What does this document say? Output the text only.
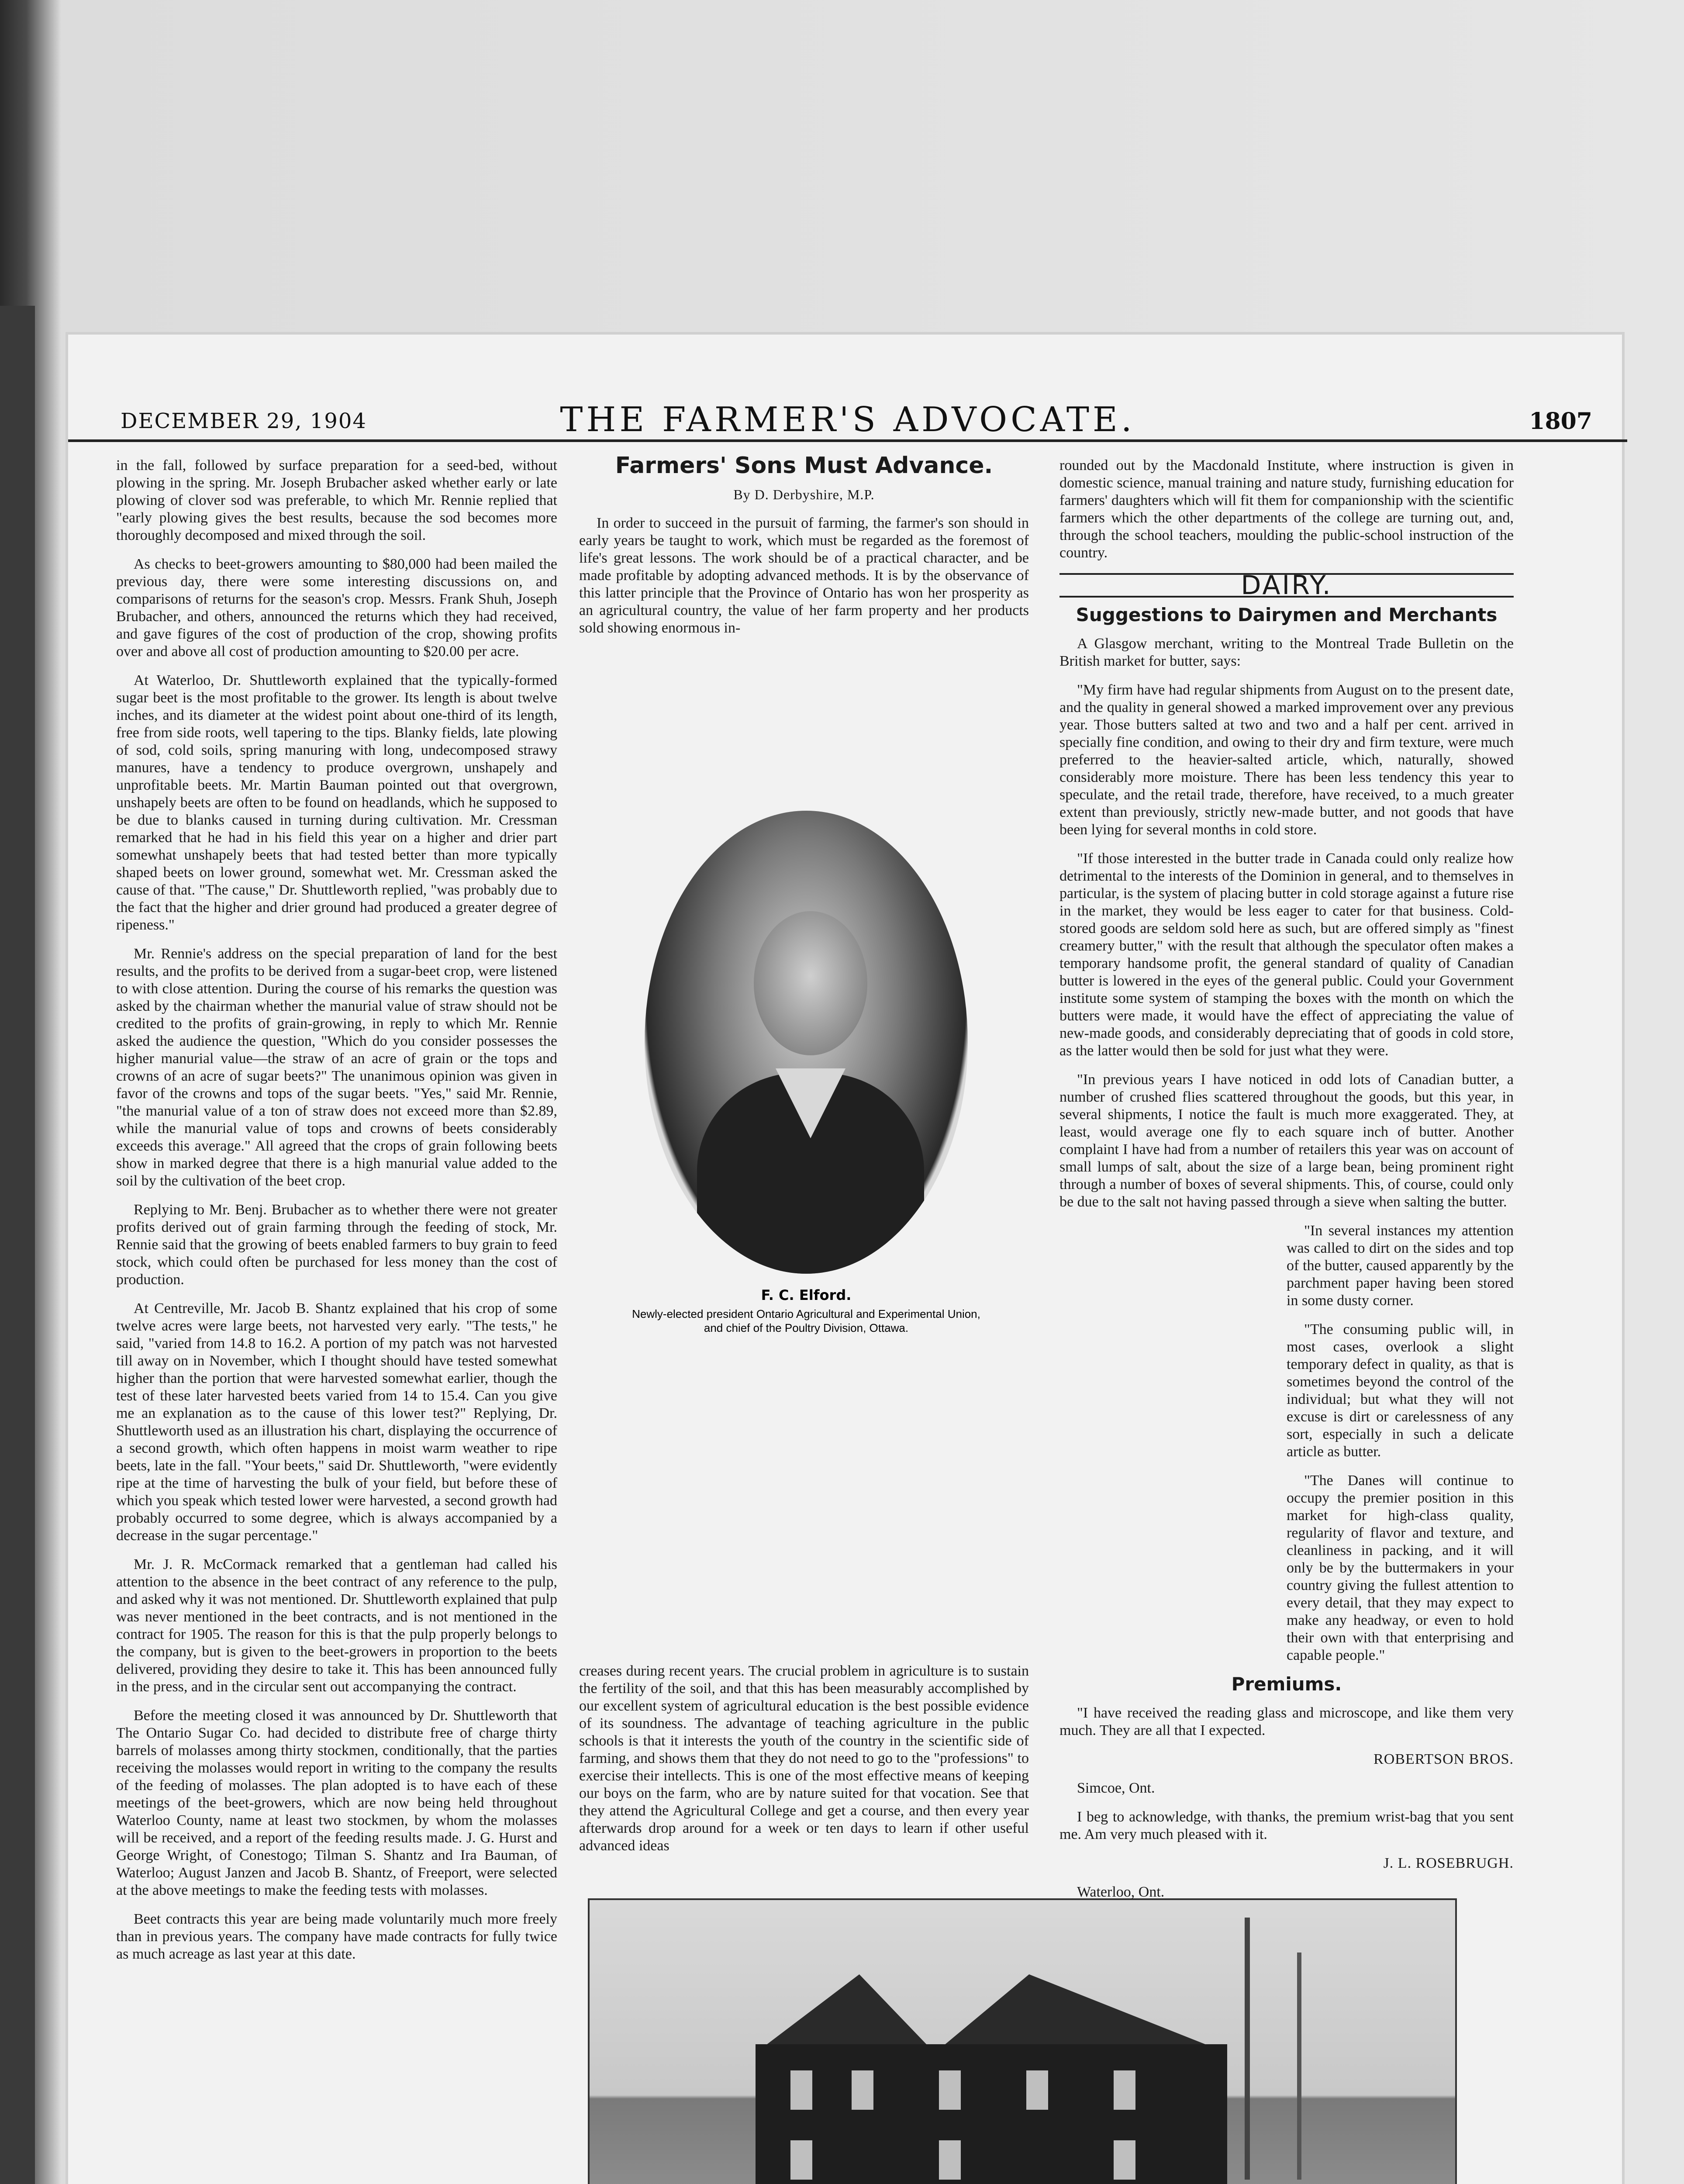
DECEMBER 29, 1904	THE FARMER'S ADVOCATE.	1807

in the fall, followed by surface preparation for a seed-bed, without plowing in the spring. Mr. Joseph Brubacher asked whether early or late plowing of clover sod was preferable, to which Mr. Rennie replied that "early plowing gives the best results, because the sod becomes more thoroughly decomposed and mixed through the soil.

As checks to beet-growers amounting to $80,000 had been mailed the previous day, there were some interesting discussions on, and comparisons of returns for the season's crop. Messrs. Frank Shuh, Joseph Brubacher, and others, announced the returns which they had received, and gave figures of the cost of production of the crop, showing profits over and above all cost of production amounting to $20.00 per acre.

At Waterloo, Dr. Shuttleworth explained that the typically-formed sugar beet is the most profitable to the grower. Its length is about twelve inches, and its diameter at the widest point about one-third of its length, free from side roots, well tapering to the tips. Blanky fields, late plowing of sod, cold soils, spring manuring with long, undecomposed strawy manures, have a tendency to produce overgrown, unshapely and unprofitable beets. Mr. Martin Bauman pointed out that overgrown, unshapely beets are often to be found on headlands, which he supposed to be due to blanks caused in turning during cultivation. Mr. Cressman remarked that he had in his field this year on a higher and drier part somewhat unshapely beets that had tested better than more typically shaped beets on lower ground, somewhat wet. Mr. Cressman asked the cause of that. "The cause," Dr. Shuttleworth replied, "was probably due to the fact that the higher and drier ground had produced a greater degree of ripeness."

Mr. Rennie's address on the special preparation of land for the best results, and the profits to be derived from a sugar-beet crop, were listened to with close attention. During the course of his remarks the question was asked by the chairman whether the manurial value of straw should not be credited to the profits of grain-growing, in reply to which Mr. Rennie asked the audience the question, "Which do you consider possesses the higher manurial value—the straw of an acre of grain or the tops and crowns of an acre of sugar beets?" The unanimous opinion was given in favor of the crowns and tops of the sugar beets. "Yes," said Mr. Rennie, "the manurial value of a ton of straw does not exceed more than $2.89, while the manurial value of tops and crowns of beets considerably exceeds this average." All agreed that the crops of grain following beets show in marked degree that there is a high manurial value added to the soil by the cultivation of the beet crop.

Replying to Mr. Benj. Brubacher as to whether there were not greater profits derived out of grain farming through the feeding of stock, Mr. Rennie said that the growing of beets enabled farmers to buy grain to feed stock, which could often be purchased for less money than the cost of production.

At Centreville, Mr. Jacob B. Shantz explained that his crop of some twelve acres were large beets, not harvested very early. "The tests," he said, "varied from 14.8 to 16.2. A portion of my patch was not harvested till away on in November, which I thought should have tested somewhat higher than the portion that were harvested somewhat earlier, though the test of these later harvested beets varied from 14 to 15.4. Can you give me an explanation as to the cause of this lower test?" Replying, Dr. Shuttleworth used as an illustration his chart, displaying the occurrence of a second growth, which often happens in moist warm weather to ripe beets, late in the fall. "Your beets," said Dr. Shuttleworth, "were evidently ripe at the time of harvesting the bulk of your field, but before these of which you speak which tested lower were harvested, a second growth had probably occurred to some degree, which is always accompanied by a decrease in the sugar percentage."

Mr. J. R. McCormack remarked that a gentleman had called his attention to the absence in the beet contract of any reference to the pulp, and asked why it was not mentioned. Dr. Shuttleworth explained that pulp was never mentioned in the beet contracts, and is not mentioned in the contract for 1905. The reason for this is that the pulp properly belongs to the company, but is given to the beet-growers in proportion to the beets delivered, providing they desire to take it. This has been announced fully in the press, and in the circular sent out accompanying the contract.

Before the meeting closed it was announced by Dr. Shuttleworth that The Ontario Sugar Co. had decided to distribute free of charge thirty barrels of molasses among thirty stockmen, conditionally, that the parties receiving the molasses would report in writing to the company the results of the feeding of molasses. The plan adopted is to have each of these meetings of the beet-growers, which are now being held throughout Waterloo County, name at least two stockmen, by whom the molasses will be received, and a report of the feeding results made. J. G. Hurst and George Wright, of Conestogo; Tilman S. Shantz and Ira Bauman, of Waterloo; August Janzen and Jacob B. Shantz, of Freeport, were selected at the above meetings to make the feeding tests with molasses.

Beet contracts this year are being made voluntarily much more freely than in previous years. The company have made contracts for fully twice as much acreage as last year at this date.

Farmers' Sons Must Advance.

By D. Derbyshire, M.P.

In order to succeed in the pursuit of farming, the farmer's son should in early years be taught to work, which must be regarded as the foremost of life's great lessons. The work should be of a practical character, and be made profitable by adopting advanced methods. It is by the observance of this latter principle that the Province of Ontario has won her prosperity as an agricultural country, the value of her farm property and her products sold showing enormous in-

F. C. Elford.
Newly-elected president Ontario Agricultural and Experimental Union, and chief of the Poultry Division, Ottawa.

creases during recent years. The crucial problem in agriculture is to sustain the fertility of the soil, and that this has been measurably accomplished by our excellent system of agricultural education is the best possible evidence of its soundness. The advantage of teaching agriculture in the public schools is that it interests the youth of the country in the scientific side of farming, and shows them that they do not need to go to the "professions" to exercise their intellects. This is one of the most effective means of keeping our boys on the farm, who are by nature suited for that vocation. See that they attend the Agricultural College and get a course, and then every year afterwards drop around for a week or ten days to learn if other useful advanced ideas

rounded out by the Macdonald Institute, where instruction is given in domestic science, manual training and nature study, furnishing education for farmers' daughters which will fit them for companionship with the scientific farmers which the other departments of the college are turning out, and, through the school teachers, moulding the public-school instruction of the country.

DAIRY.

Suggestions to Dairymen and Merchants

A Glasgow merchant, writing to the Montreal Trade Bulletin on the British market for butter, says:

"My firm have had regular shipments from August on to the present date, and the quality in general showed a marked improvement over any previous year. Those butters salted at two and two and a half per cent. arrived in specially fine condition, and owing to their dry and firm texture, were much preferred to the heavier-salted article, which, naturally, showed considerably more moisture. There has been less tendency this year to speculate, and the retail trade, therefore, have received, to a much greater extent than previously, strictly new-made butter, and not goods that have been lying for several months in cold store.

"If those interested in the butter trade in Canada could only realize how detrimental to the interests of the Dominion in general, and to themselves in particular, is the system of placing butter in cold storage against a future rise in the market, they would be less eager to cater for that business. Cold-stored goods are seldom sold here as such, but are offered simply as "finest creamery butter," with the result that although the speculator often makes a temporary handsome profit, the general standard of quality of Canadian butter is lowered in the eyes of the general public. Could your Government institute some system of stamping the boxes with the month on which the butters were made, it would have the effect of appreciating the value of new-made goods, and considerably depreciating that of goods in cold store, as the latter would then be sold for just what they were.

"In previous years I have noticed in odd lots of Canadian butter, a number of crushed flies scattered throughout the goods, but this year, in several shipments, I notice the fault is much more exaggerated. They, at least, would average one fly to each square inch of butter. Another complaint I have had from a number of retailers this year was on account of small lumps of salt, about the size of a large bean, being prominent right through a number of boxes of several shipments. This, of course, could only be due to the salt not having passed through a sieve when salting the butter.

"In several instances my attention was called to dirt on the sides and top of the butter, caused apparently by the parchment paper having been stored in some dusty corner.

"The consuming public will, in most cases, overlook a slight temporary defect in quality, as that is sometimes beyond the control of the individual; but what they will not excuse is dirt or carelessness of any sort, especially in such a delicate article as butter.

"The Danes will continue to occupy the premier position in this market for high-class quality, regularity of flavor and texture, and cleanliness in packing, and it will only be by the buttermakers in your country giving the fullest attention to every detail, that they may expect to make any headway, or even to hold their own with that enterprising and capable people."

Premiums.

"I have received the reading glass and microscope, and like them very much. They are all that I expected.

ROBERTSON BROS.

Simcoe, Ont.

I beg to acknowledge, with thanks, the premium wrist-bag that you sent me. Am very much pleased with it.

J. L. ROSEBRUGH.

Waterloo, Ont.
